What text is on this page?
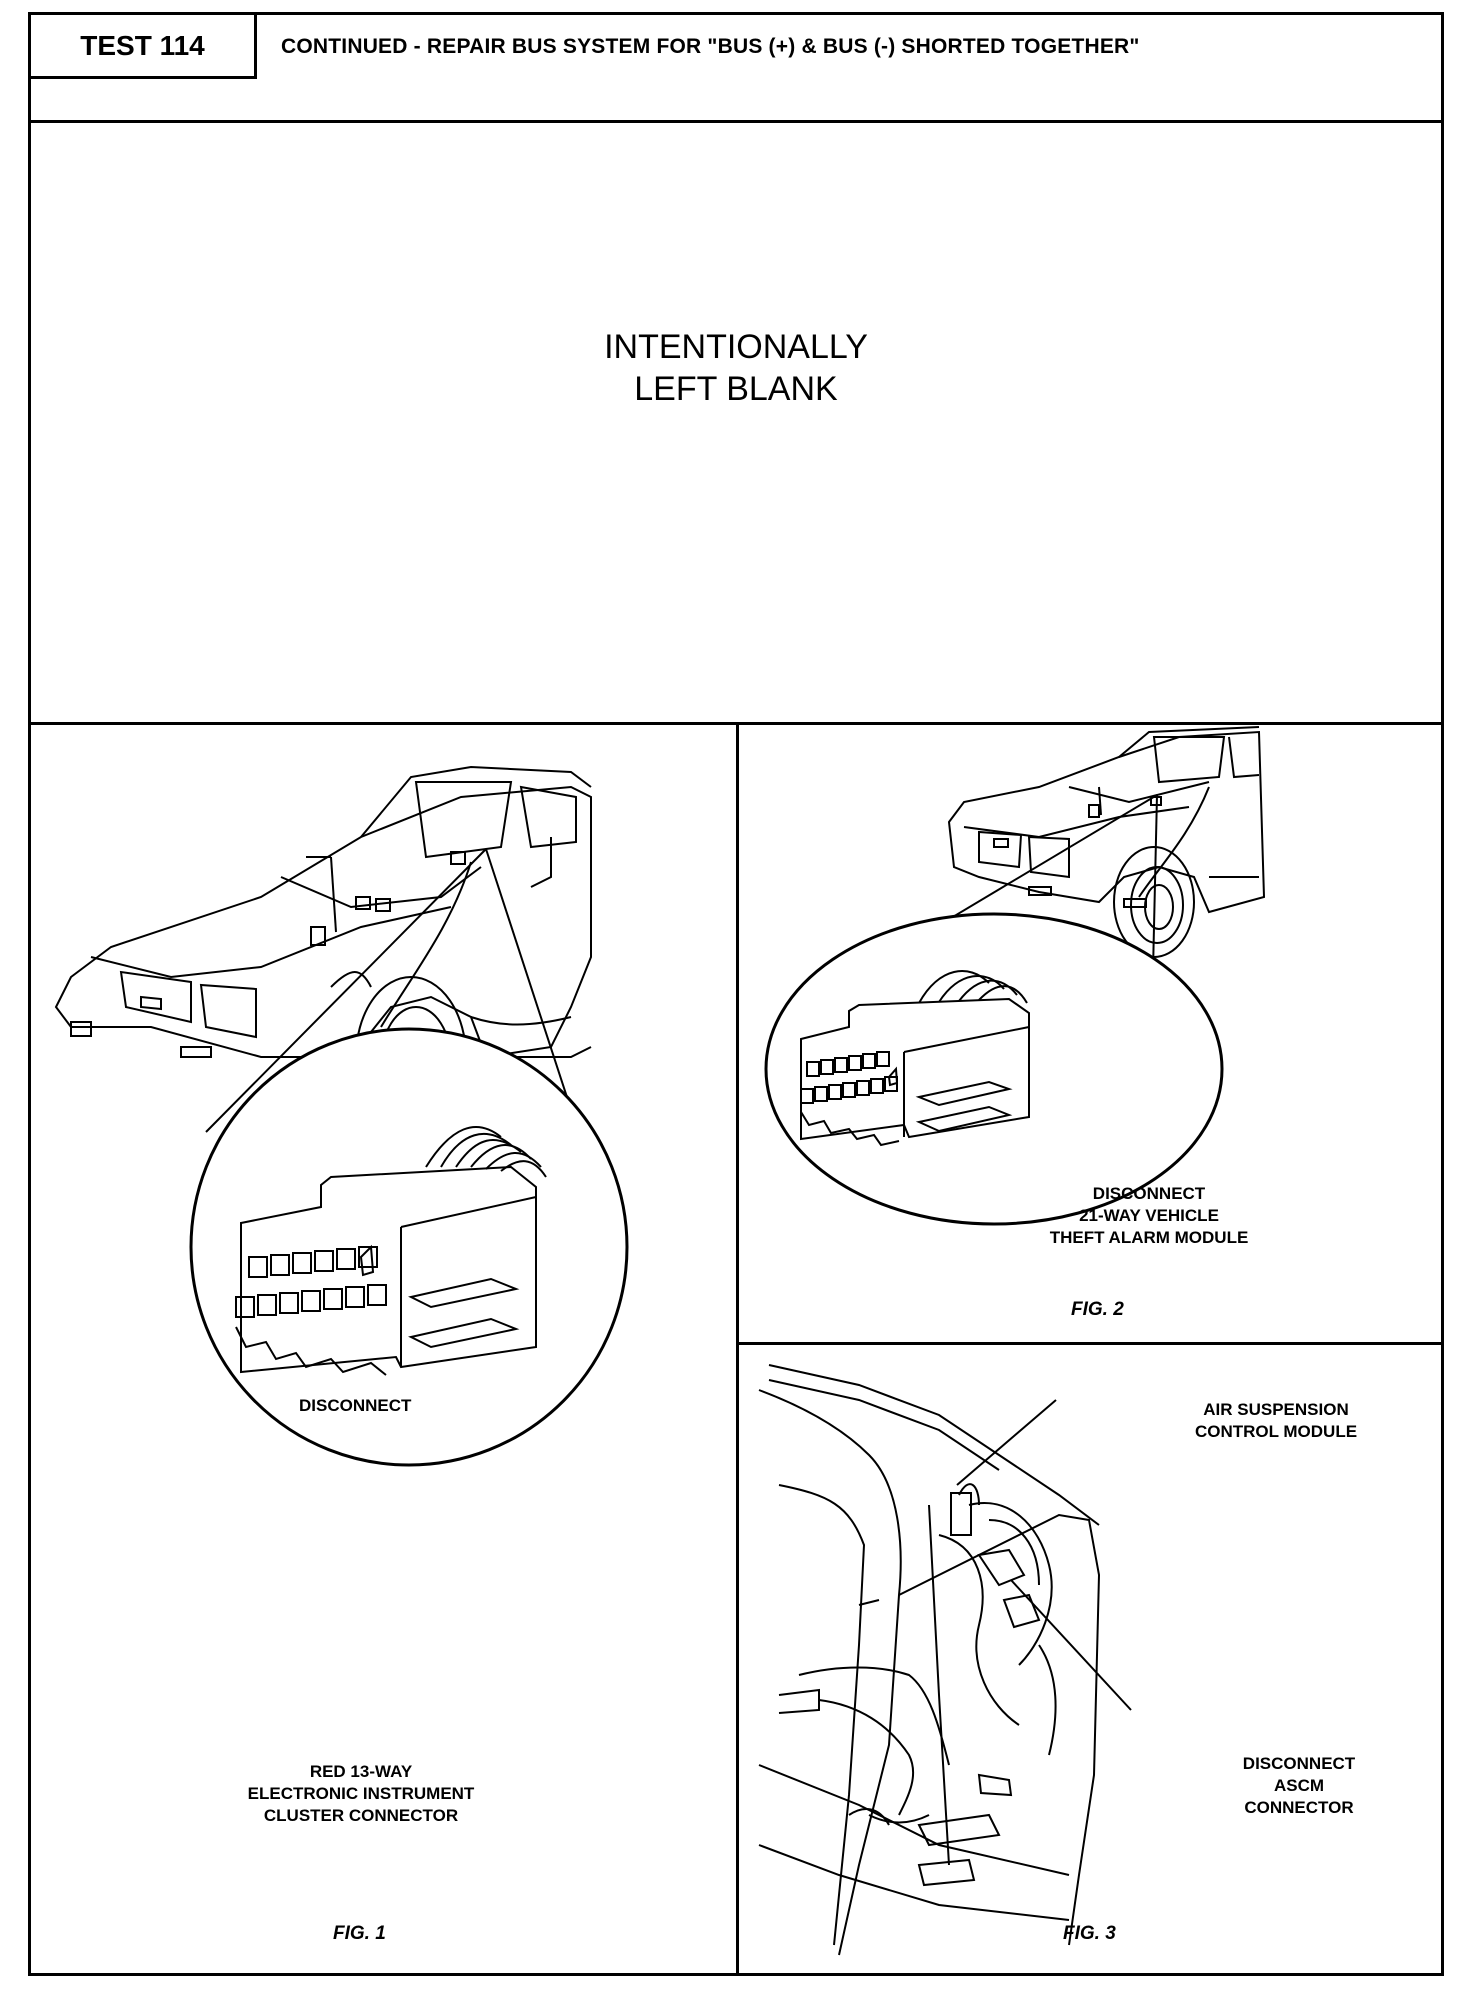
TEST 114	CONTINUED - REPAIR BUS SYSTEM FOR "BUS (+) & BUS (-) SHORTED TOGETHER"
INTENTIONALLY
LEFT BLANK
DISCONNECT
RED 13-WAY
ELECTRONIC INSTRUMENT
CLUSTER CONNECTOR
FIG. 1
DISCONNECT
21-WAY VEHICLE
THEFT ALARM MODULE
FIG. 2
AIR SUSPENSION
CONTROL MODULE
DISCONNECT
ASCM
CONNECTOR
FIG. 3
